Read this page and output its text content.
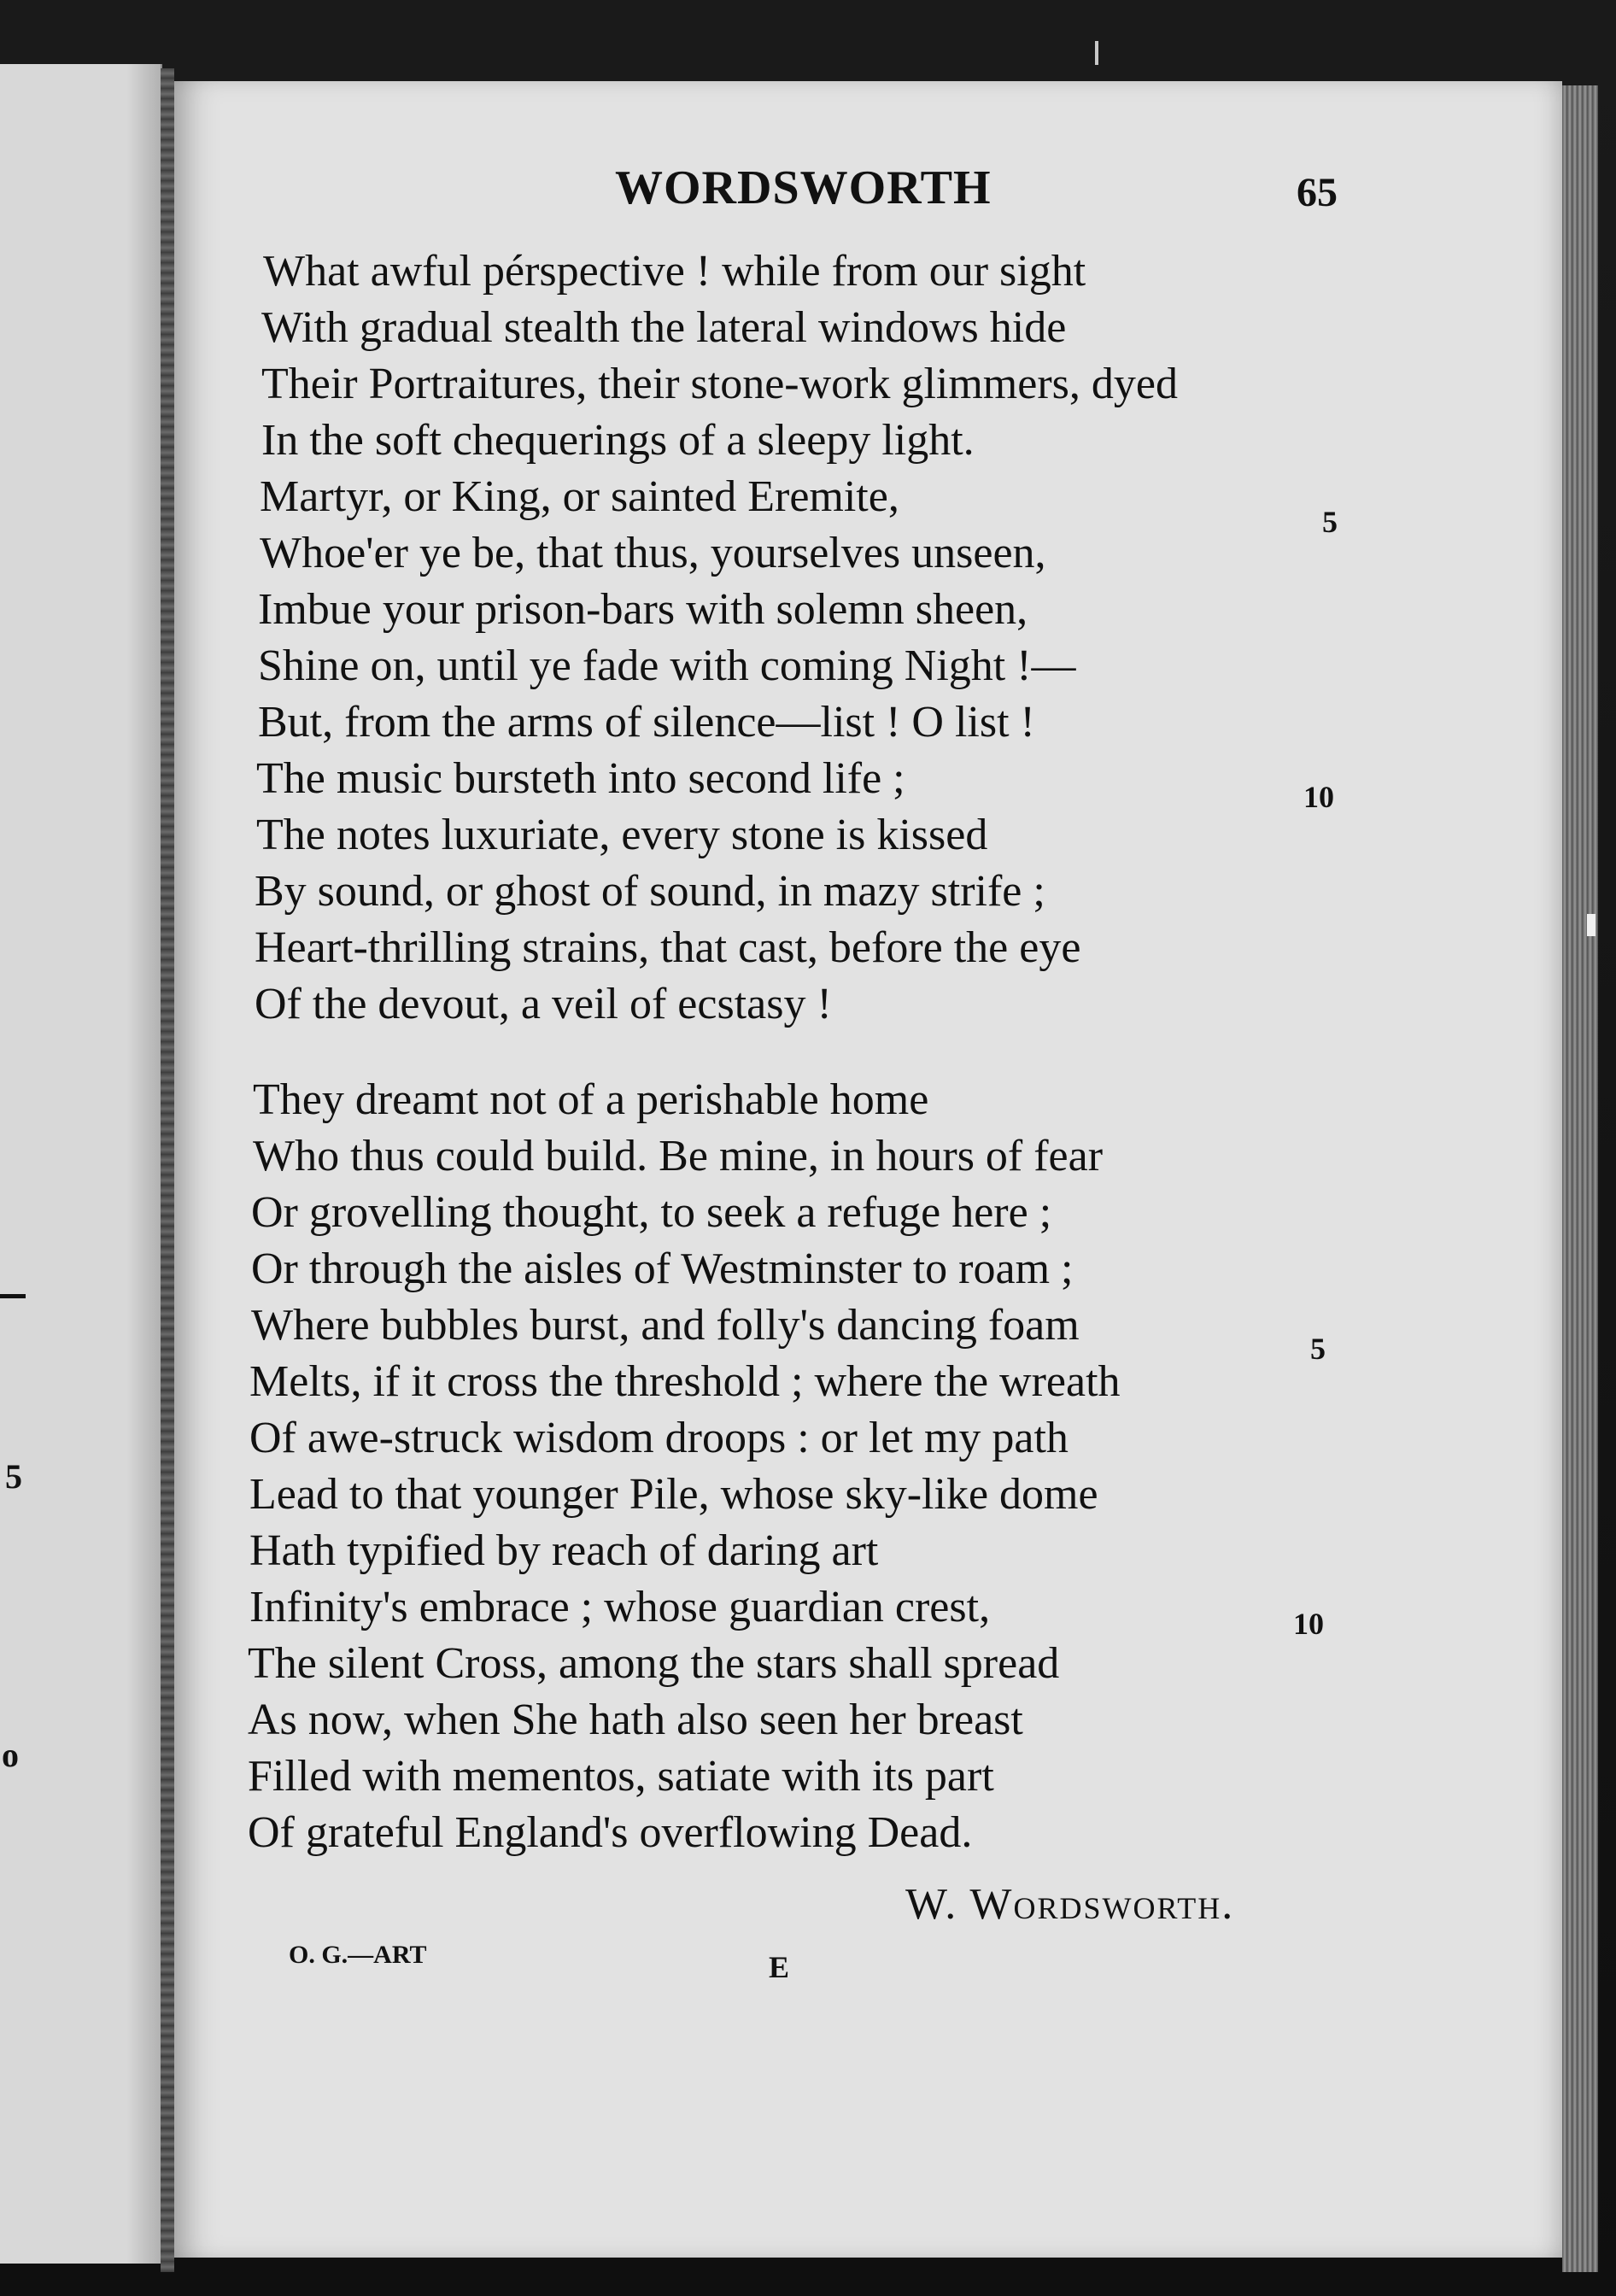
5
o
WORDSWORTH	65
What awful pérspective ! while from our sight
With gradual stealth the lateral windows hide
Their Portraitures, their stone-work glimmers, dyed
In the soft chequerings of a sleepy light.
Martyr, or King, or sainted Eremite,
Whoe'er ye be, that thus, yourselves unseen,
Imbue your prison-bars with solemn sheen,
Shine on, until ye fade with coming Night !—
But, from the arms of silence—list ! O list !
The music bursteth into second life ;
The notes luxuriate, every stone is kissed
By sound, or ghost of sound, in mazy strife ;
Heart-thrilling strains, that cast, before the eye
Of the devout, a veil of ecstasy !
5
10
They dreamt not of a perishable home
Who thus could build. Be mine, in hours of fear
Or grovelling thought, to seek a refuge here ;
Or through the aisles of Westminster to roam ;
Where bubbles burst, and folly's dancing foam
Melts, if it cross the threshold ; where the wreath
Of awe-struck wisdom droops : or let my path
Lead to that younger Pile, whose sky-like dome
Hath typified by reach of daring art
Infinity's embrace ; whose guardian crest,
The silent Cross, among the stars shall spread
As now, when She hath also seen her breast
Filled with mementos, satiate with its part
Of grateful England's overflowing Dead.
5
10
W. Wordsworth.
O. G.—ART	E
